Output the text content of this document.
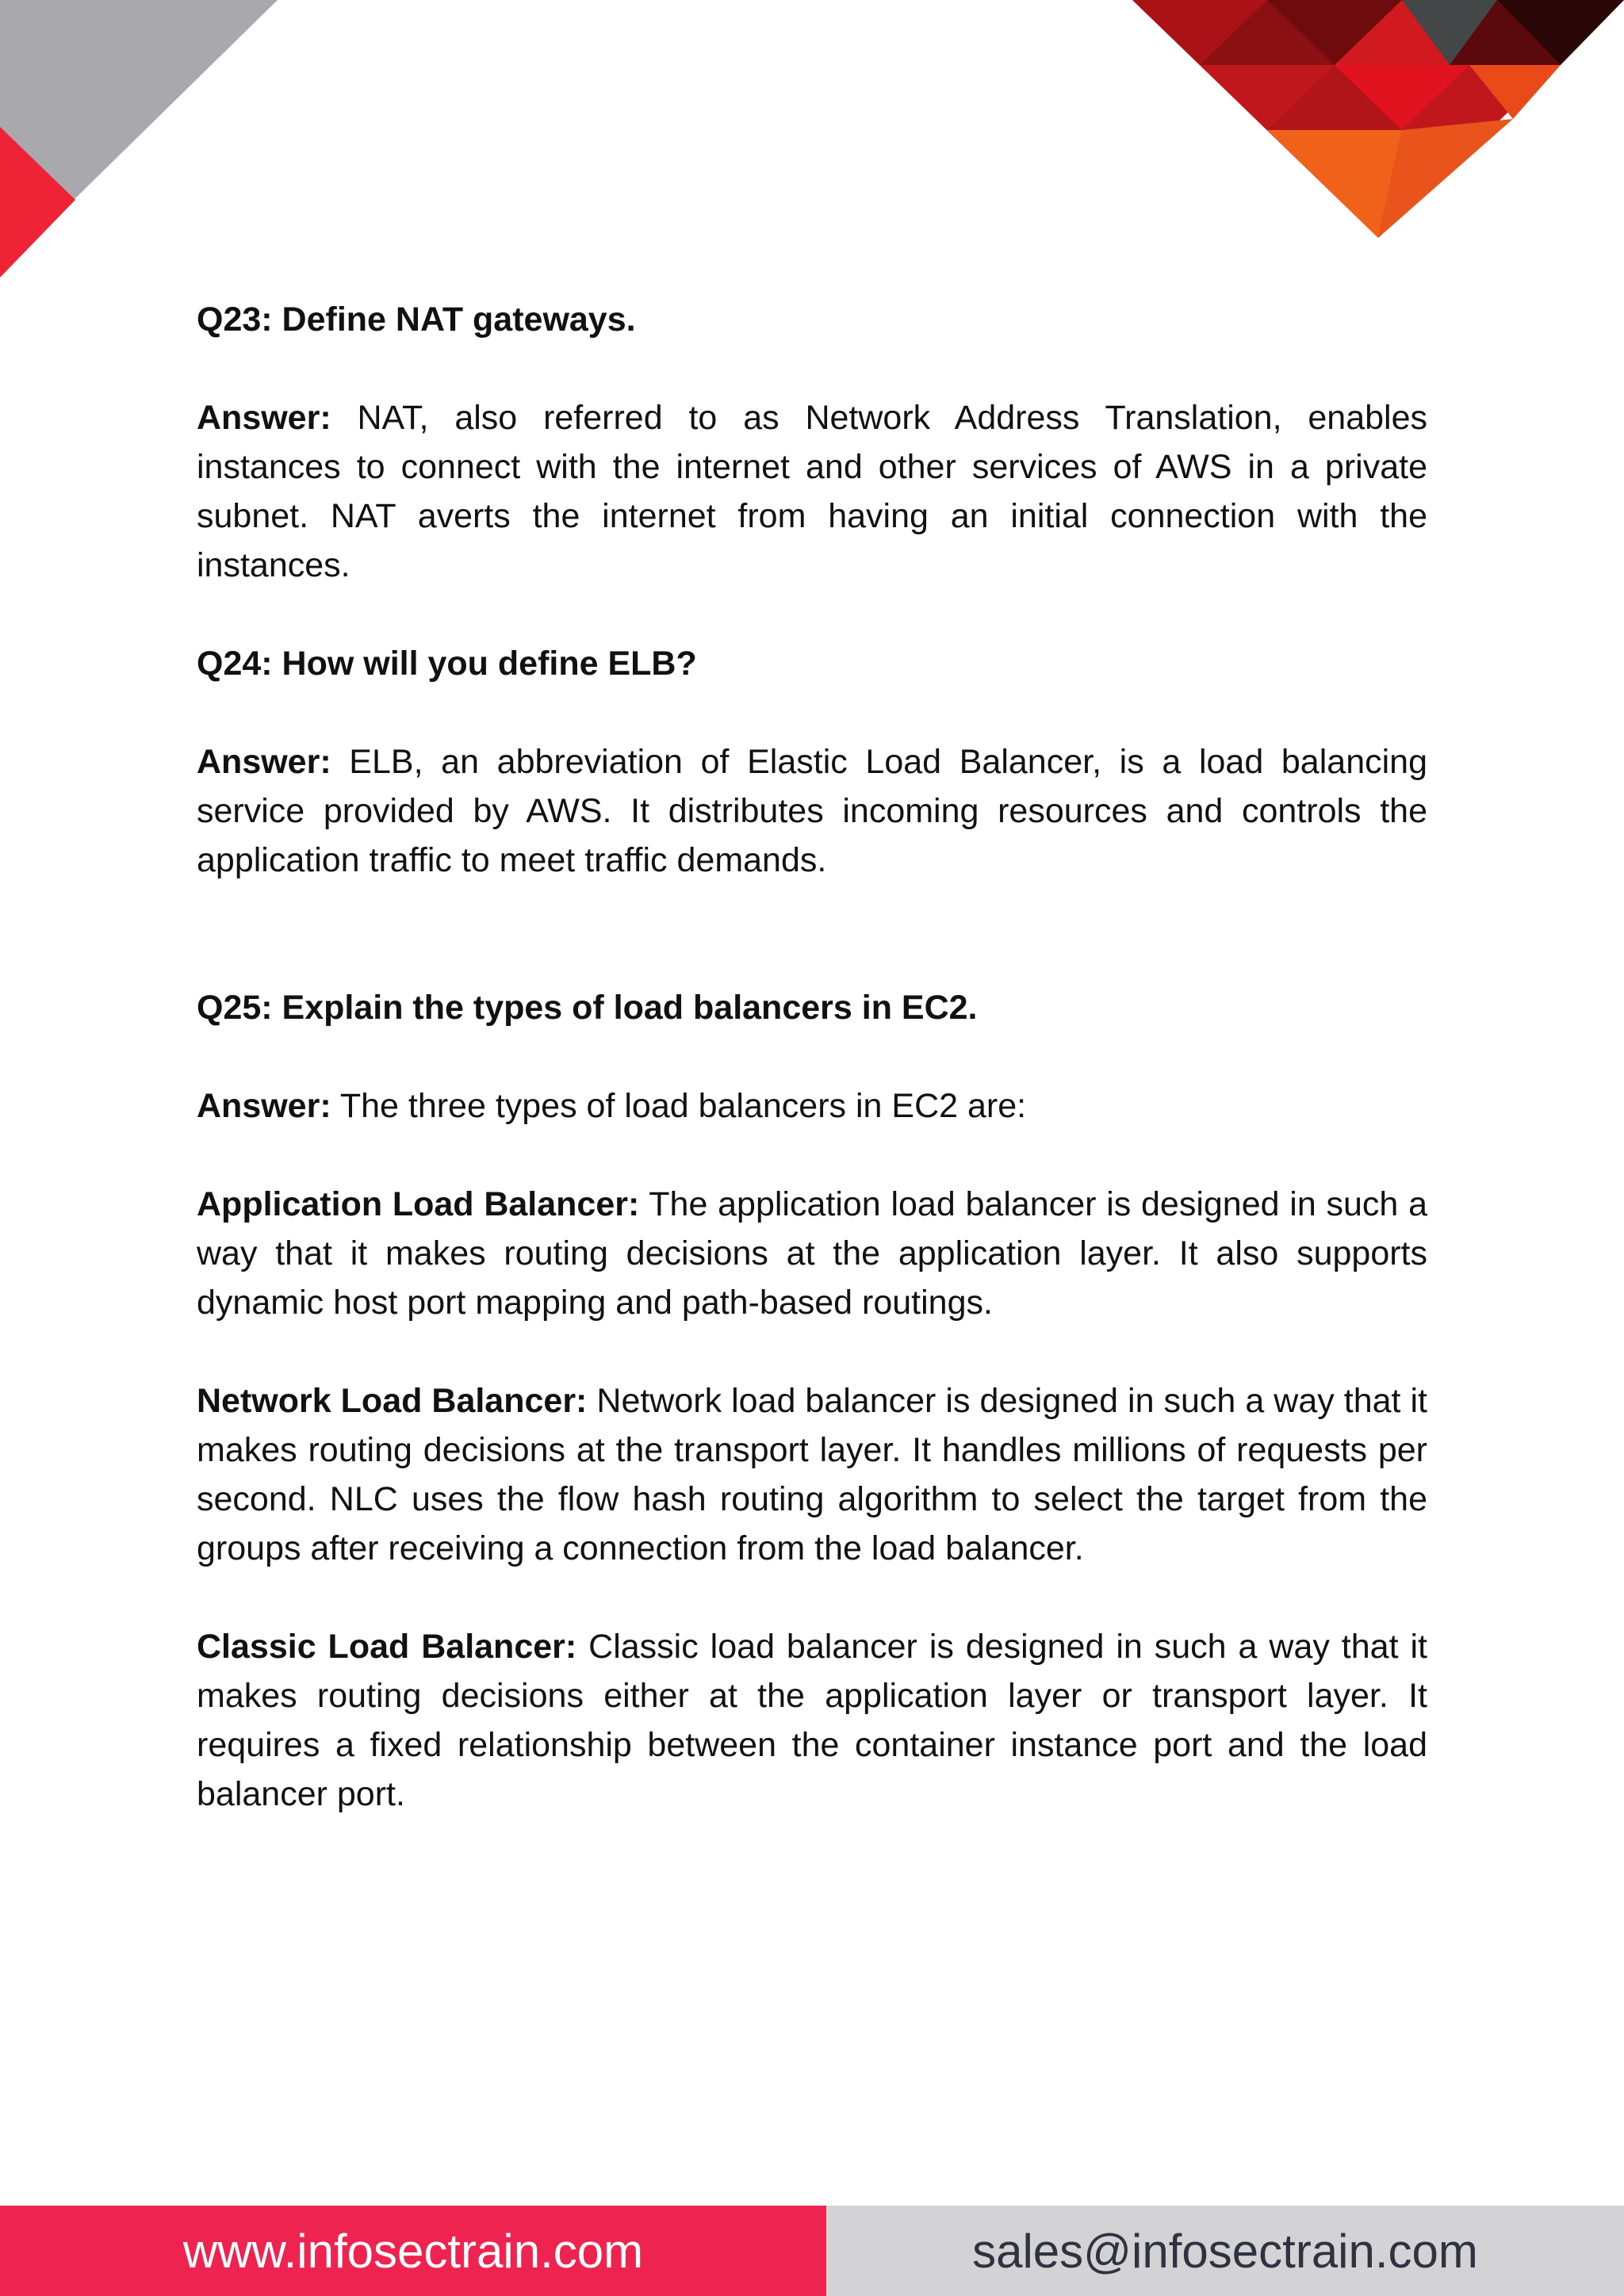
Q23: Define NAT gateways.

Answer: NAT, also referred to as Network Address Translation, enables instances to connect with the internet and other services of AWS in a private subnet. NAT averts the internet from having an initial connection with the instances.

Q24: How will you define ELB?

Answer: ELB, an abbreviation of Elastic Load Balancer, is a load balancing service provided by AWS. It distributes incoming resources and controls the application traffic to meet traffic demands.

Q25: Explain the types of load balancers in EC2.

Answer: The three types of load balancers in EC2 are:

Application Load Balancer: The application load balancer is designed in such a way that it makes routing decisions at the application layer. It also supports dynamic host port mapping and path-based routings.

Network Load Balancer: Network load balancer is designed in such a way that it makes routing decisions at the transport layer. It handles millions of requests per second. NLC uses the flow hash routing algorithm to select the target from the groups after receiving a connection from the load balancer.

Classic Load Balancer: Classic load balancer is designed in such a way that it makes routing decisions either at the application layer or transport layer. It requires a fixed relationship between the container instance port and the load balancer port.

www.infosectrain.com	sales@infosectrain.com
